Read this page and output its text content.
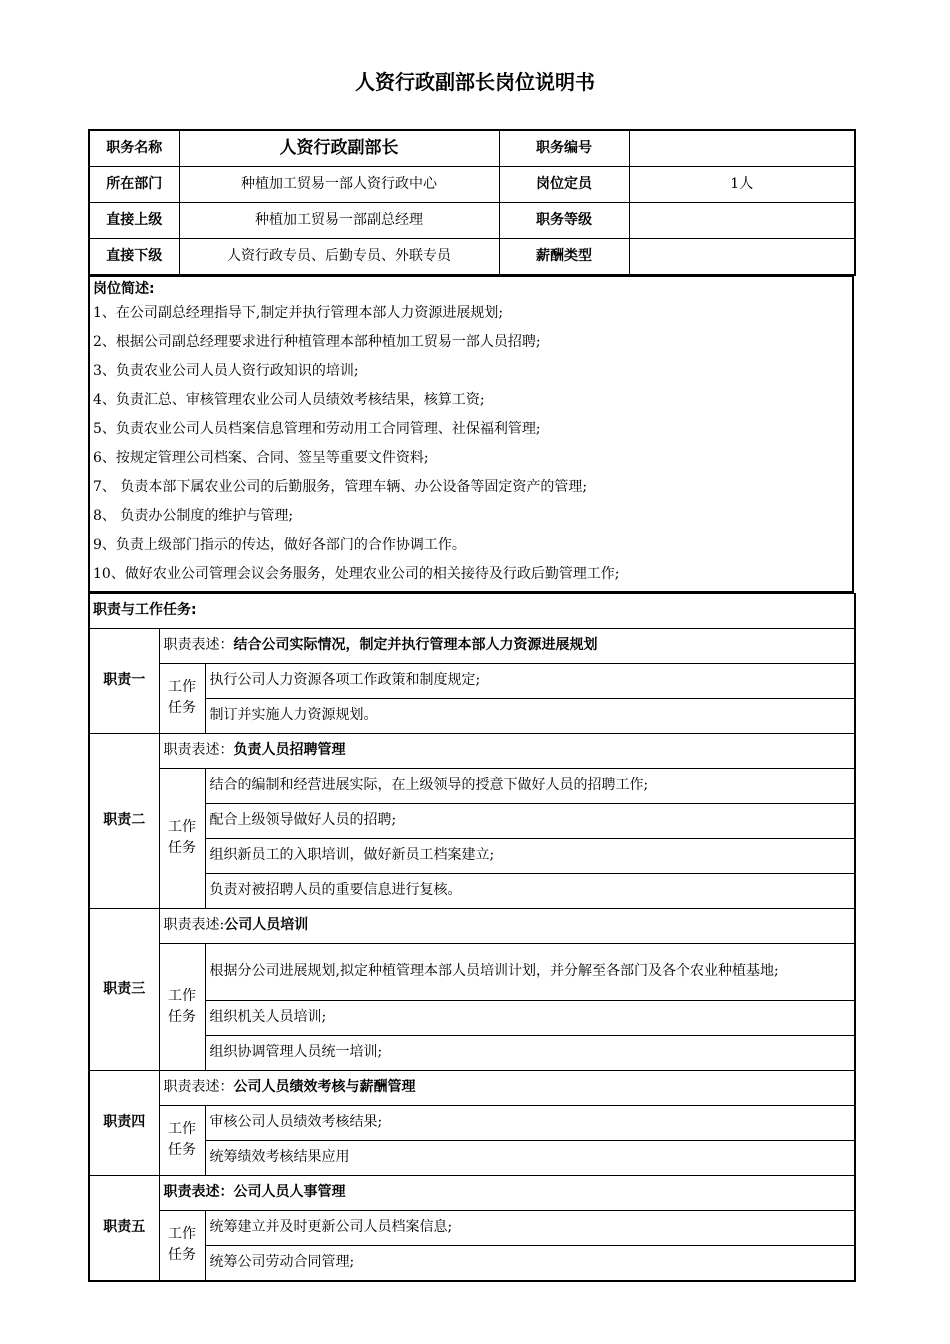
人资行政副部长岗位说明书
职务名称	人资行政副部长	职务编号	
所在部门	种植加工贸易一部人资行政中心	岗位定员	1人
直接上级	种植加工贸易一部副总经理	职务等级	
直接下级	人资行政专员、后勤专员、外联专员	薪酬类型	
岗位简述:
1、在公司副总经理指导下,制定并执行管理本部人力资源进展规划;
2、根据公司副总经理要求进行种植管理本部种植加工贸易一部人员招聘;
3、负责农业公司人员人资行政知识的培训;
4、负责汇总、审核管理农业公司人员绩效考核结果，核算工资;
5、负责农业公司人员档案信息管理和劳动用工合同管理、社保福利管理;
6、按规定管理公司档案、合同、签呈等重要文件资料;
7、 负责本部下属农业公司的后勤服务，管理车辆、办公设备等固定资产的管理;
8、 负责办公制度的维护与管理;
9、负责上级部门指示的传达，做好各部门的合作协调工作。
10、做好农业公司管理会议会务服务，处理农业公司的相关接待及行政后勤管理工作;
职责与工作任务:		
职责一	职责表述：结合公司实际情况，制定并执行管理本部人力资源进展规划	
	工作
任务	执行公司人力资源各项工作政策和制度规定;
		制订并实施人力资源规划。
职责二	职责表述：负责人员招聘管理	
	工作
任务	结合的编制和经营进展实际，在上级领导的授意下做好人员的招聘工作;
		配合上级领导做好人员的招聘;
		组织新员工的入职培训，做好新员工档案建立;
		负责对被招聘人员的重要信息进行复核。
职责三	职责表述:公司人员培训	
	工作
任务	根据分公司进展规划,拟定种植管理本部人员培训计划，并分解至各部门及各个农业种植基地;
		组织机关人员培训;
		组织协调管理人员统一培训;
职责四	职责表述：公司人员绩效考核与薪酬管理	
	工作
任务	审核公司人员绩效考核结果;
		统筹绩效考核结果应用
职责五	职责表述：公司人员人事管理	
	工作
任务	统筹建立并及时更新公司人员档案信息;
		统筹公司劳动合同管理;
